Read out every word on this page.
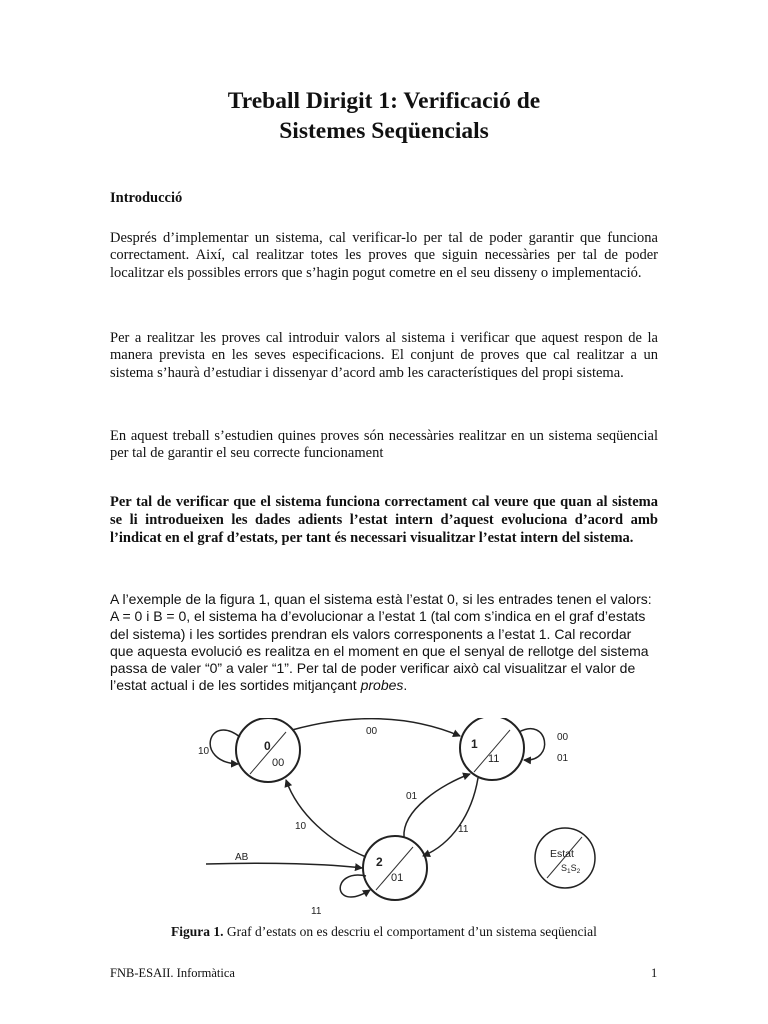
Treball Dirigit 1: Verificació de
Sistemes Seqüencials
Introducció
Després d’implementar un sistema, cal verificar-lo per tal de poder garantir que funciona correctament. Així, cal realitzar totes les proves que siguin necessàries per tal de poder localitzar els possibles errors que s’hagin pogut cometre en el seu disseny o implementació.
Per a realitzar les proves cal introduir valors al sistema i verificar que aquest respon de la manera prevista en les seves especificacions. El conjunt de proves que cal realitzar a un sistema s’haurà d’estudiar i dissenyar d’acord amb les característiques del propi sistema.
En aquest treball s’estudien quines proves són necessàries realitzar en un sistema seqüencial per tal de garantir el seu correcte funcionament
Per tal de verificar que el sistema funciona correctament cal veure que quan al sistema se li introdueixen les dades adients l’estat intern d’aquest evoluciona d’acord amb l’indicat en el graf d’estats, per tant és necessari visualitzar l’estat intern del sistema.
A l’exemple de la figura 1, quan el sistema està l’estat 0, si les entrades tenen el valors: A = 0 i B = 0, el sistema ha d’evolucionar a l’estat 1 (tal com s’indica en el graf d’estats del sistema) i les sortides prendran els valors corresponents a l’estat 1. Cal recordar que aquesta evolució es realitza en el moment en que el senyal de rellotge del sistema passa de valer “0” a valer “1”. Per tal de poder verificar això cal visualitzar el valor de l’estat actual i de les sortides mitjançant probes.
0
00
1
11
2
01
10
00
00
01
01
11
10
AB
11
Estat
$S_1S_2$
Figura 1. Graf d’estats on es descriu el comportament d’un sistema seqüencial
FNB-ESAII. Informàtica	1
